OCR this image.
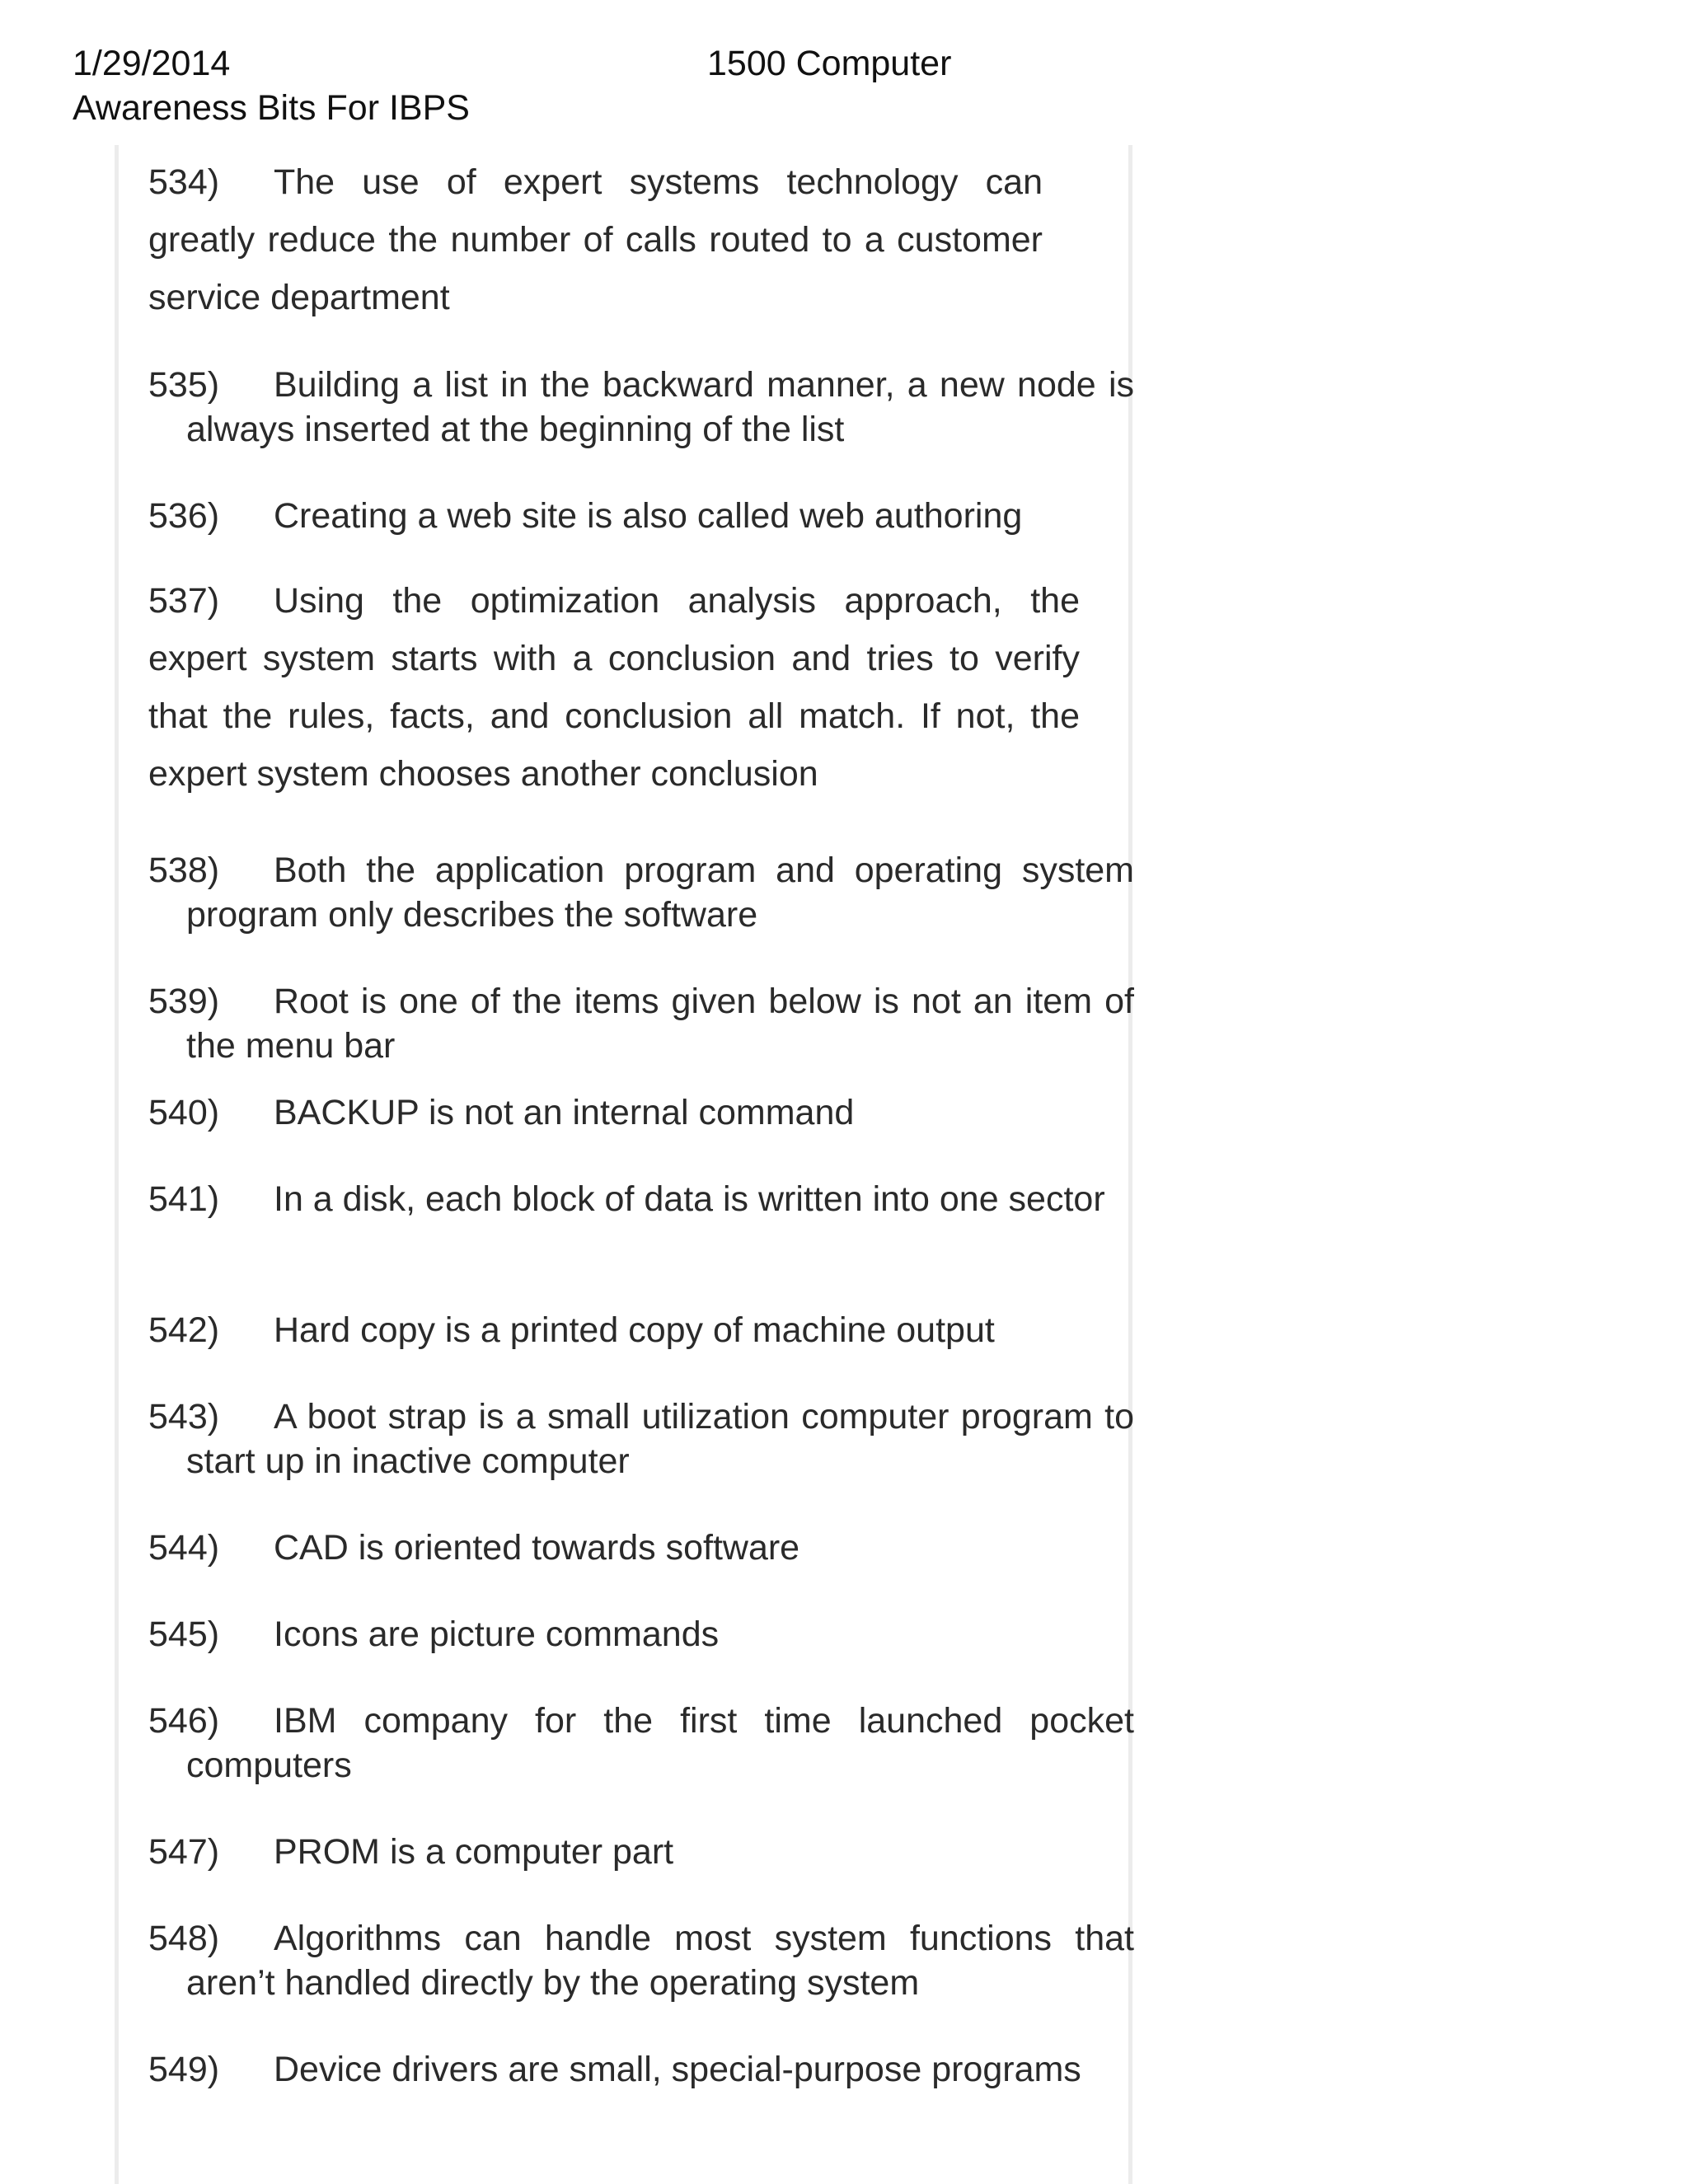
1/29/2014	1500 Computer
Awareness Bits For IBPS
534) The use of expert systems technology can greatly reduce the number of calls routed to a customer service department
535) Building a list in the backward manner, a new node is always inserted at the beginning of the list
536) Creating a web site is also called web authoring
537) Using the optimization analysis approach, the expert system starts with a conclusion and tries to verify that the rules, facts, and conclusion all match. If not, the expert system chooses another conclusion
538) Both the application program and operating system program only describes the software
539) Root is one of the items given below is not an item of the menu bar
540) BACKUP is not an internal command
541) In a disk, each block of data is written into one sector
542) Hard copy is a printed copy of machine output
543) A boot strap is a small utilization computer program to start up in inactive computer
544) CAD is oriented towards software
545) Icons are picture commands
546) IBM company for the first time launched pocket computers
547) PROM is a computer part
548) Algorithms can handle most system functions that aren’t handled directly by the operating system
549) Device drivers are small, special-purpose programs
